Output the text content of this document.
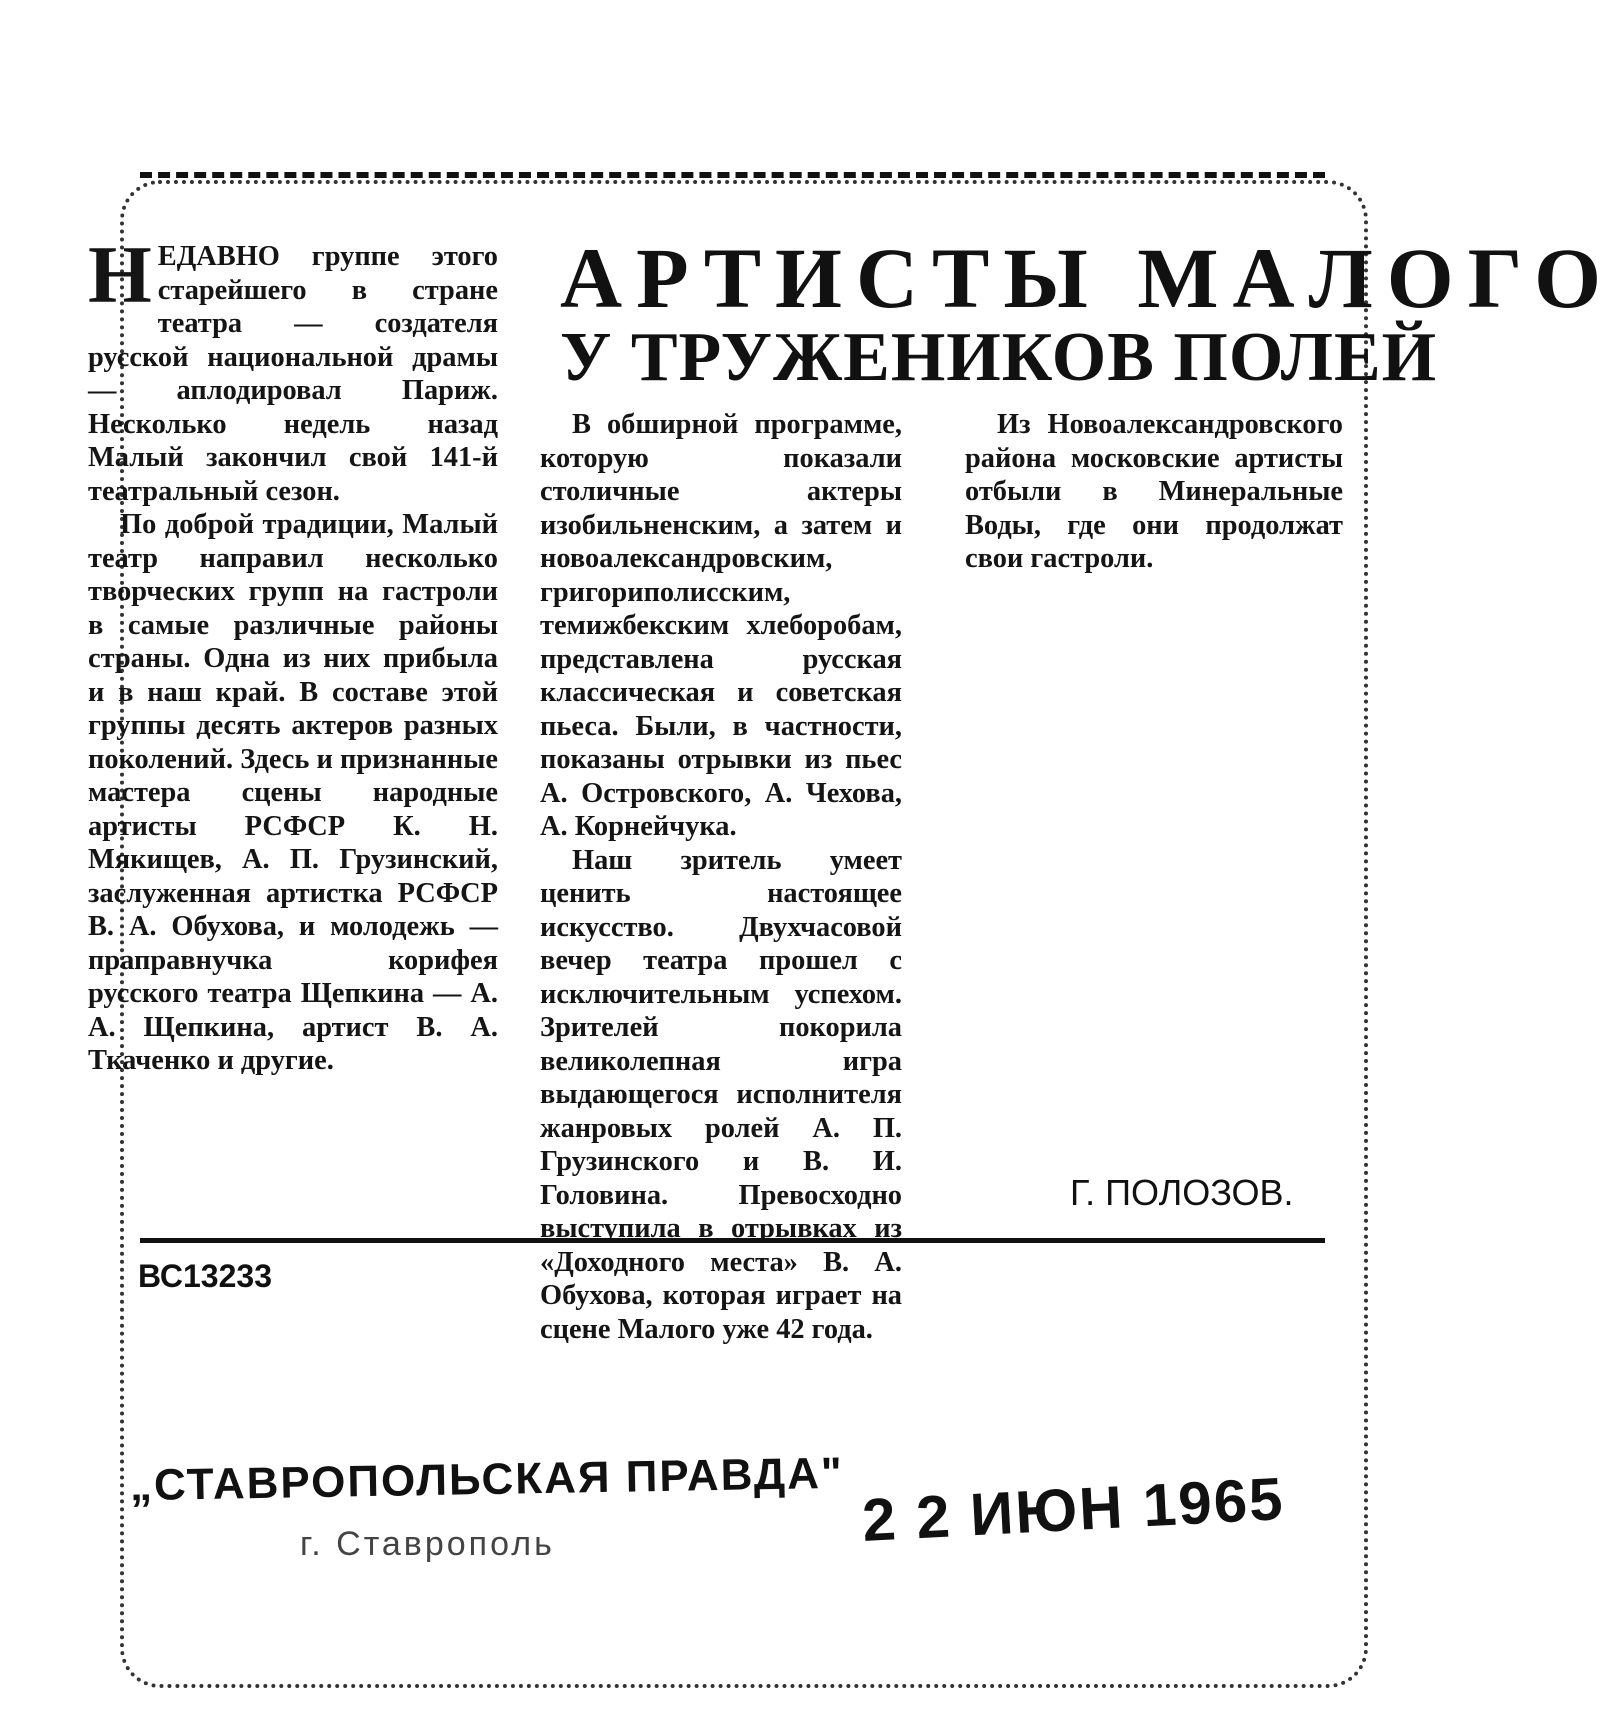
АРТИСТЫ МАЛОГО
У ТРУЖЕНИКОВ ПОЛЕЙ

НЕДАВНО группе этого старейшего в стране театра — создателя русской национальной драмы — аплодировал Париж. Несколько недель назад Малый закончил свой 141-й театральный сезон.

По доброй традиции, Малый театр направил несколько творческих групп на гастроли в самые различные районы страны. Одна из них прибыла и в наш край. В составе этой группы десять актеров разных поколений. Здесь и признанные мастера сцены народные артисты РСФСР К. Н. Мякищев, А. П. Грузинский, заслуженная артистка РСФСР В. А. Обухова, и молодежь — праправнучка корифея русского театра Щепкина — А. А. Щепкина, артист В. А. Ткаченко и другие.

В обширной программе, которую показали столичные актеры изобильненским, а затем и новоалександровским, григориполисским, темижбекским хлеборобам, представлена русская классическая и советская пьеса. Были, в частности, показаны отрывки из пьес А. Островского, А. Чехова, А. Корнейчука.

Наш зритель умеет ценить настоящее искусство. Двухчасовой вечер театра прошел с исключительным успехом. Зрителей покорила великолепная игра выдающегося исполнителя жанровых ролей А. П. Грузинского и В. И. Головина. Превосходно выступила в отрывках из «Доходного места» В. А. Обухова, которая играет на сцене Малого уже 42 года.

Из Новоалександровского района московские артисты отбыли в Минеральные Воды, где они продолжат свои гастроли.

Г. ПОЛОЗОВ.
ВС13233
„СТАВРОПОЛЬСКАЯ ПРАВДА"
г. Ставрополь	2 2 ИЮН 1965
